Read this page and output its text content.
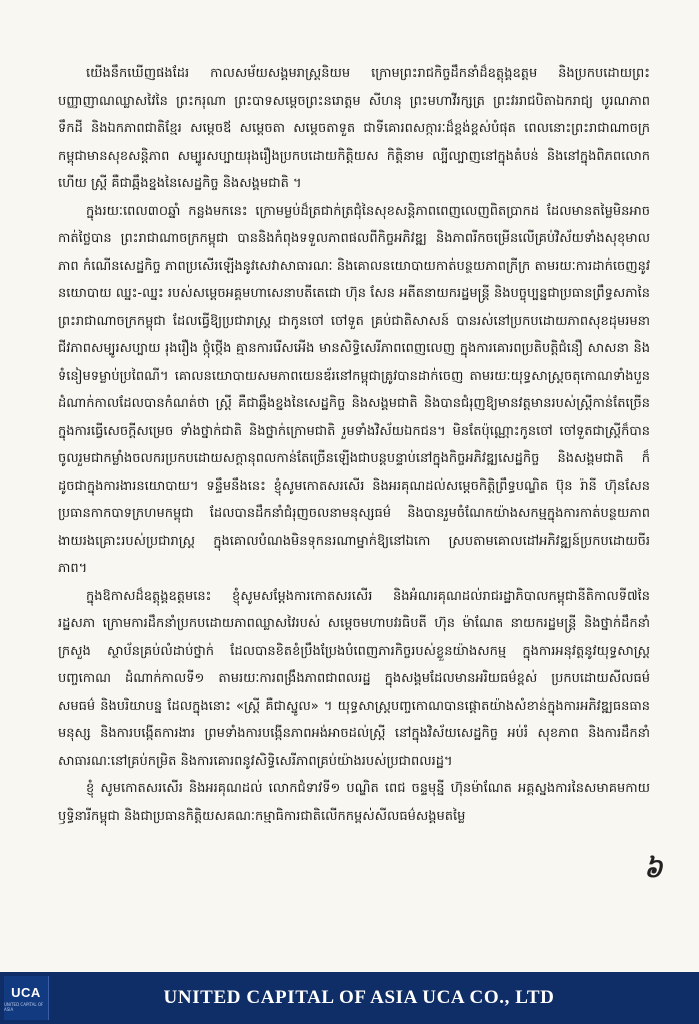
យើងនឹកឃើញផងដែរ កាលសម័យសង្គមរាស្ត្រនិយម ក្រោមព្រះរាជកិច្ចដឹកនាំដ៏ឧត្តុង្គឧត្តម និងប្រកបដោយព្រះបញ្ញាញាណឈ្លាសវៃនៃ ព្រះករុណា ព្រះបាទសម្តេចព្រះនរោត្តម សីហនុ ព្រះមហាវីរក្សត្រ ព្រះវររាជបិតាឯករាជ្យ បូរណភាពទឹកដី និងឯកភាពជាតិខ្មែរ សម្តេចឪ សម្តេចតា សម្តេចតាទួត ជាទីគោរពសក្ការៈដ៏ខ្ពង់ខ្ពស់បំផុត ពេលនោះព្រះរាជាណាចក្រកម្ពុជាមានសុខសន្តិភាព សម្បូរសប្បាយរុងរឿងប្រកបដោយកិត្តិយស កិត្តិនាម ល្បីល្បាញនៅក្នុងតំបន់ និងនៅក្នុងពិភពលោក ហើយ ស្ត្រី គឺជាឆ្អឹងខ្នងនៃសេដ្ឋកិច្ច និងសង្គមជាតិ ។

ក្នុងរយៈពេល៣០ឆ្នាំ កន្លងមកនេះ ក្រោមម្លប់ដ៏ត្រជាក់ត្រជុំនៃសុខសន្តិភាពពេញលេញ​ពិតប្រាកដ ដែលមានតម្លៃមិនអាចកាត់ថ្លៃបាន ព្រះរាជាណាចក្រកម្ពុជា បាននិងកំពុងទទួលភាពផលពីកិច្ចអភិវឌ្ឍ និងភាពរីកចម្រើនលើគ្រប់វិស័យទាំងសុខុមាលភាព កំណើនសេដ្ឋកិច្ច ភាពប្រសើរឡើងនូវសេវាសាធារណៈ និងគោលនយោបាយកាត់បន្ថយភាពក្រីក្រ តាមរយៈការដាក់ចេញនូវនយោបាយ ឈ្នះ-ឈ្នះ របស់សម្តេចអគ្គមហាសេនាបតីតេជោ ហ៊ុន សែន អតីតនាយករដ្ឋមន្ត្រី និងបច្ចុប្បន្នជាប្រធានព្រឹទ្ធសភានៃព្រះរាជាណាចក្រកម្ពុជា ដែលធ្វើឱ្យប្រជារាស្ត្រ ជាកូនចៅ ចៅទួត គ្រប់ជាតិសាសន៍ បានរស់នៅប្រកបដោយភាពសុខដុមរមនា ជីវភាពសម្បូរសប្បាយ រុងរឿង ថ្កុំថ្កើង គ្មានការរើសអើង មានសិទ្ធិសេរីភាពពេញលេញ ក្នុងការគោរពប្រតិបត្តិជំនឿ សាសនា និងទំនៀមទម្លាប់ប្រពៃណី។ គោលនយោបាយសមភាពយេនឌ័រនៅកម្ពុជាត្រូវបានដាក់ចេញ តាមរយៈយុទ្ធសាស្ត្រចតុកោណទាំងបួនដំណាក់កាលដែលបានកំណត់ថា ស្ត្រី គឺជាឆ្អឹងខ្នងនៃសេដ្ឋកិច្ច និងសង្គមជាតិ និងបានជំរុញឱ្យមានវត្តមានរបស់ស្ត្រីកាន់តែច្រើន ក្នុងការធ្វើសេចក្តីសម្រេច ទាំងថ្នាក់ជាតិ និងថ្នាក់ក្រោមជាតិ រួមទាំងវិស័យឯកជន។ មិនតែប៉ុណ្ណោះកូនចៅ ចៅទួតជាស្ត្រីក៏បានចូលរួមជាកម្លាំងចលករប្រកបដោយសក្តានុពលកាន់តែច្រើនឡើងជាបន្តបន្ទាប់នៅក្នុងកិច្ចអភិវឌ្ឍសេដ្ឋកិច្ច និងសង្គមជាតិ ក៏ដូចជាក្នុងការងារនយោបាយ។ ទន្ទឹមនឹងនេះ ខ្ញុំសូមកោតសរសើរ និងអរគុណដល់សម្តេចកិត្តិព្រឹទ្ធបណ្ឌិត ប៊ុន រ៉ានី ហ៊ុនសែន ប្រធានកាកបាទក្រហមកម្ពុជា ដែលបានដឹកនាំជំរុញចលនាមនុស្សធម៌ និងបានរួមចំណែកយ៉ាងសកម្មក្នុងការកាត់បន្ថយភាពងាយរងគ្រោះរបស់ប្រជារាស្ត្រ ក្នុងគោលបំណងមិនទុកនរណាម្នាក់ឱ្យនៅឯកោ ស្របតាមគោលដៅអភិវឌ្ឍន៍ប្រកបដោយចីរភាព។

ក្នុងឱកាសដ៏ឧត្តុង្គឧត្តមនេះ ខ្ញុំសូមសម្តែងការកោតសរសើរ និងអំណរគុណដល់រាជរដ្ឋាភិបាលកម្ពុជានីតិកាលទី៧នៃរដ្ឋសភា ក្រោមការដឹកនាំប្រកបដោយភាពឈ្លាសវៃរបស់ សម្តេចមហាបវរធិបតី ហ៊ុន ម៉ាណែត នាយករដ្ឋមន្ត្រី និងថ្នាក់ដឹកនាំក្រសួង ស្ថាប័នគ្រប់លំដាប់ថ្នាក់ ដែលបានខិតខំប្រឹងប្រែងបំពេញភារកិច្ចរបស់ខ្លួនយ៉ាងសកម្ម ក្នុងការអនុវត្តនូវយុទ្ធសាស្ត្របញ្ចកោណ ដំណាក់កាលទី១ តាមរយៈការពង្រឹងភាពជាពលរដ្ឋ ក្នុងសង្គមដែលមានអរិយធម៌ខ្ពស់ ប្រកបដោយសីលធម៌ សមធម៌ និងបរិយាបន្ន ដែលក្នុងនោះ «ស្ត្រី គឺជាស្នូល» ។ យុទ្ធសាស្ត្របញ្ចកោណបានផ្តោតយ៉ាងសំខាន់ក្នុងការអភិវឌ្ឍធនធានមនុស្ស និងការបង្កើតការងារ ព្រមទាំងការបង្កើនភាពអង់អាចដល់ស្ត្រី នៅក្នុងវិស័យសេដ្ឋកិច្ច អប់រំ សុខភាព និងការដឹកនាំសាធារណៈនៅគ្រប់កម្រិត និងការគោរពនូវសិទ្ធិសេរីភាពគ្រប់យ៉ាងរបស់ប្រជាពលរដ្ឋ។

ខ្ញុំ សូមកោតសរសើរ និងអរគុណដល់ លោកជំទាវទី១ បណ្ឌិត ពេជ ចន្ទមុន្នី ហ៊ុនម៉ាណែត អគ្គស្នងការនៃសមាគមកាយឫទ្ធិនារីកម្ពុជា និងជាប្រធានកិត្តិយសគណៈកម្មាធិការជាតិលើកកម្ពស់សីលធម៌សង្គមតម្លៃ

៦
UCA
UNITED CAPITAL OF ASIA
UNITED CAPITAL OF ASIA UCA CO., LTD
